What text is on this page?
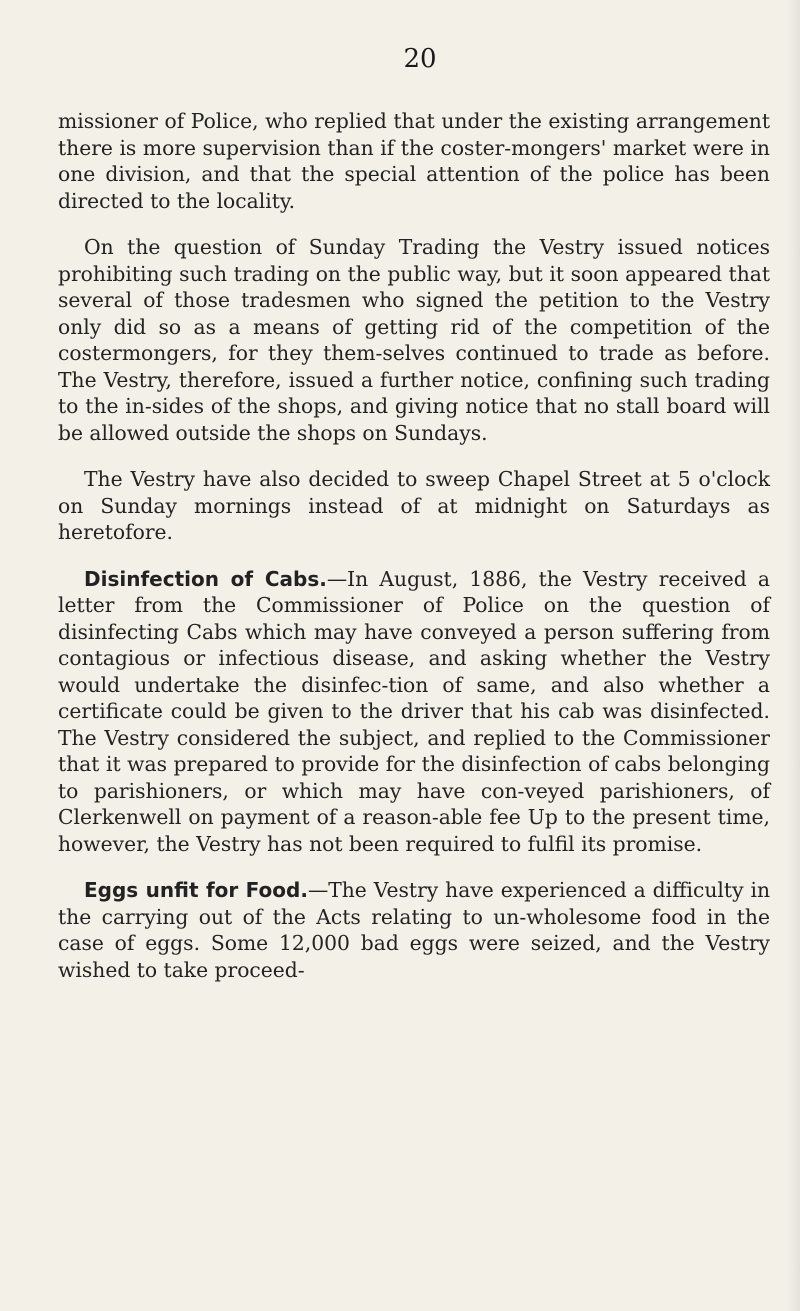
20

missioner of Police, who replied that under the existing arrangement there is more supervision than if the coster-mongers' market were in one division, and that the special attention of the police has been directed to the locality.

On the question of Sunday Trading the Vestry issued notices prohibiting such trading on the public way, but it soon appeared that several of those tradesmen who signed the petition to the Vestry only did so as a means of getting rid of the competition of the costermongers, for they them-selves continued to trade as before. The Vestry, therefore, issued a further notice, confining such trading to the in-sides of the shops, and giving notice that no stall board will be allowed outside the shops on Sundays.

The Vestry have also decided to sweep Chapel Street at 5 o'clock on Sunday mornings instead of at midnight on Saturdays as heretofore.

Disinfection of Cabs.—In August, 1886, the Vestry received a letter from the Commissioner of Police on the question of disinfecting Cabs which may have conveyed a person suffering from contagious or infectious disease, and asking whether the Vestry would undertake the disinfec-tion of same, and also whether a certificate could be given to the driver that his cab was disinfected. The Vestry considered the subject, and replied to the Commissioner that it was prepared to provide for the disinfection of cabs belonging to parishioners, or which may have con-veyed parishioners, of Clerkenwell on payment of a reason-able fee Up to the present time, however, the Vestry has not been required to fulfil its promise.

Eggs unfit for Food.—The Vestry have experienced a difficulty in the carrying out of the Acts relating to un-wholesome food in the case of eggs. Some 12,000 bad eggs were seized, and the Vestry wished to take proceed-
